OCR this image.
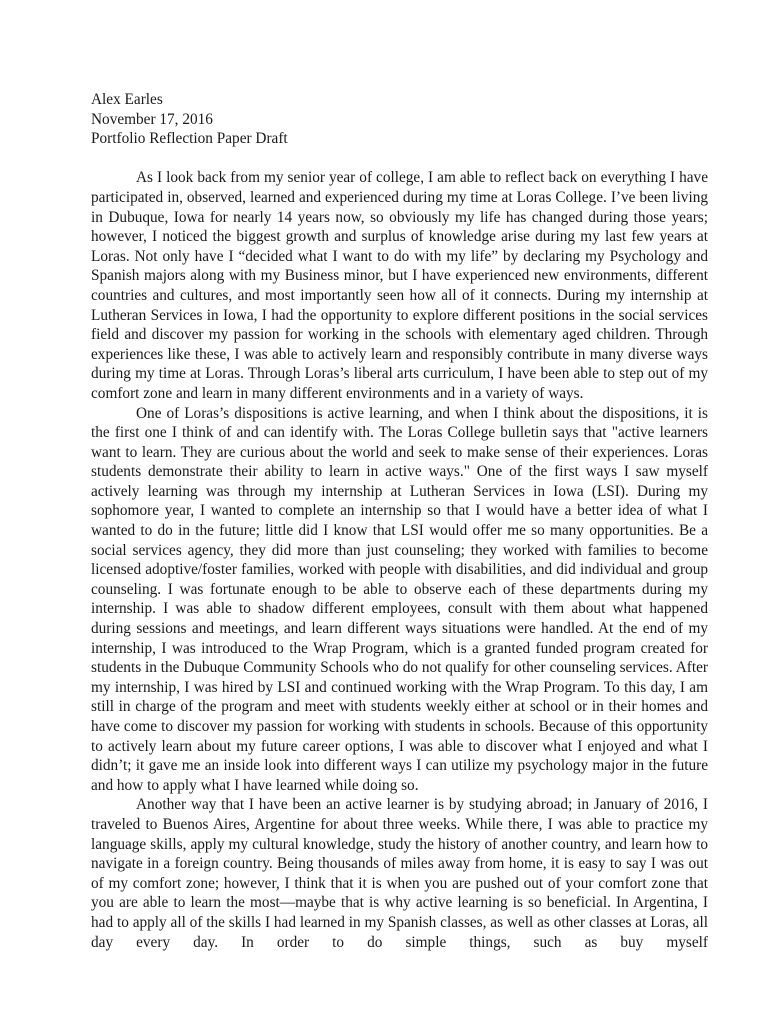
Alex Earles

November 17, 2016

Portfolio Reflection Paper Draft

As I look back from my senior year of college, I am able to reflect back on everything I have participated in, observed, learned and experienced during my time at Loras College. I’ve been living in Dubuque, Iowa for nearly 14 years now, so obviously my life has changed during those years; however, I noticed the biggest growth and surplus of knowledge arise during my last few years at Loras. Not only have I “decided what I want to do with my life” by declaring my Psychology and Spanish majors along with my Business minor, but I have experienced new environments, different countries and cultures, and most importantly seen how all of it connects. During my internship at Lutheran Services in Iowa, I had the opportunity to explore different positions in the social services field and discover my passion for working in the schools with elementary aged children. Through experiences like these, I was able to actively learn and responsibly contribute in many diverse ways during my time at Loras. Through Loras’s liberal arts curriculum, I have been able to step out of my comfort zone and learn in many different environments and in a variety of ways.

One of Loras’s dispositions is active learning, and when I think about the dispositions, it is the first one I think of and can identify with. The Loras College bulletin says that "active learners want to learn. They are curious about the world and seek to make sense of their experiences. Loras students demonstrate their ability to learn in active ways." One of the first ways I saw myself actively learning was through my internship at Lutheran Services in Iowa (LSI). During my sophomore year, I wanted to complete an internship so that I would have a better idea of what I wanted to do in the future; little did I know that LSI would offer me so many opportunities. Be a social services agency, they did more than just counseling; they worked with families to become licensed adoptive/foster families, worked with people with disabilities, and did individual and group counseling. I was fortunate enough to be able to observe each of these departments during my internship. I was able to shadow different employees, consult with them about what happened during sessions and meetings, and learn different ways situations were handled. At the end of my internship, I was introduced to the Wrap Program, which is a granted funded program created for students in the Dubuque Community Schools who do not qualify for other counseling services. After my internship, I was hired by LSI and continued working with the Wrap Program. To this day, I am still in charge of the program and meet with students weekly either at school or in their homes and have come to discover my passion for working with students in schools. Because of this opportunity to actively learn about my future career options, I was able to discover what I enjoyed and what I didn’t; it gave me an inside look into different ways I can utilize my psychology major in the future and how to apply what I have learned while doing so.

Another way that I have been an active learner is by studying abroad; in January of 2016, I traveled to Buenos Aires, Argentine for about three weeks. While there, I was able to practice my language skills, apply my cultural knowledge, study the history of another country, and learn how to navigate in a foreign country. Being thousands of miles away from home, it is easy to say I was out of my comfort zone; however, I think that it is when you are pushed out of your comfort zone that you are able to learn the most—maybe that is why active learning is so beneficial. In Argentina, I had to apply all of the skills I had learned in my Spanish classes, as well as other classes at Loras, all day every day. In order to do simple things, such as buy myself
